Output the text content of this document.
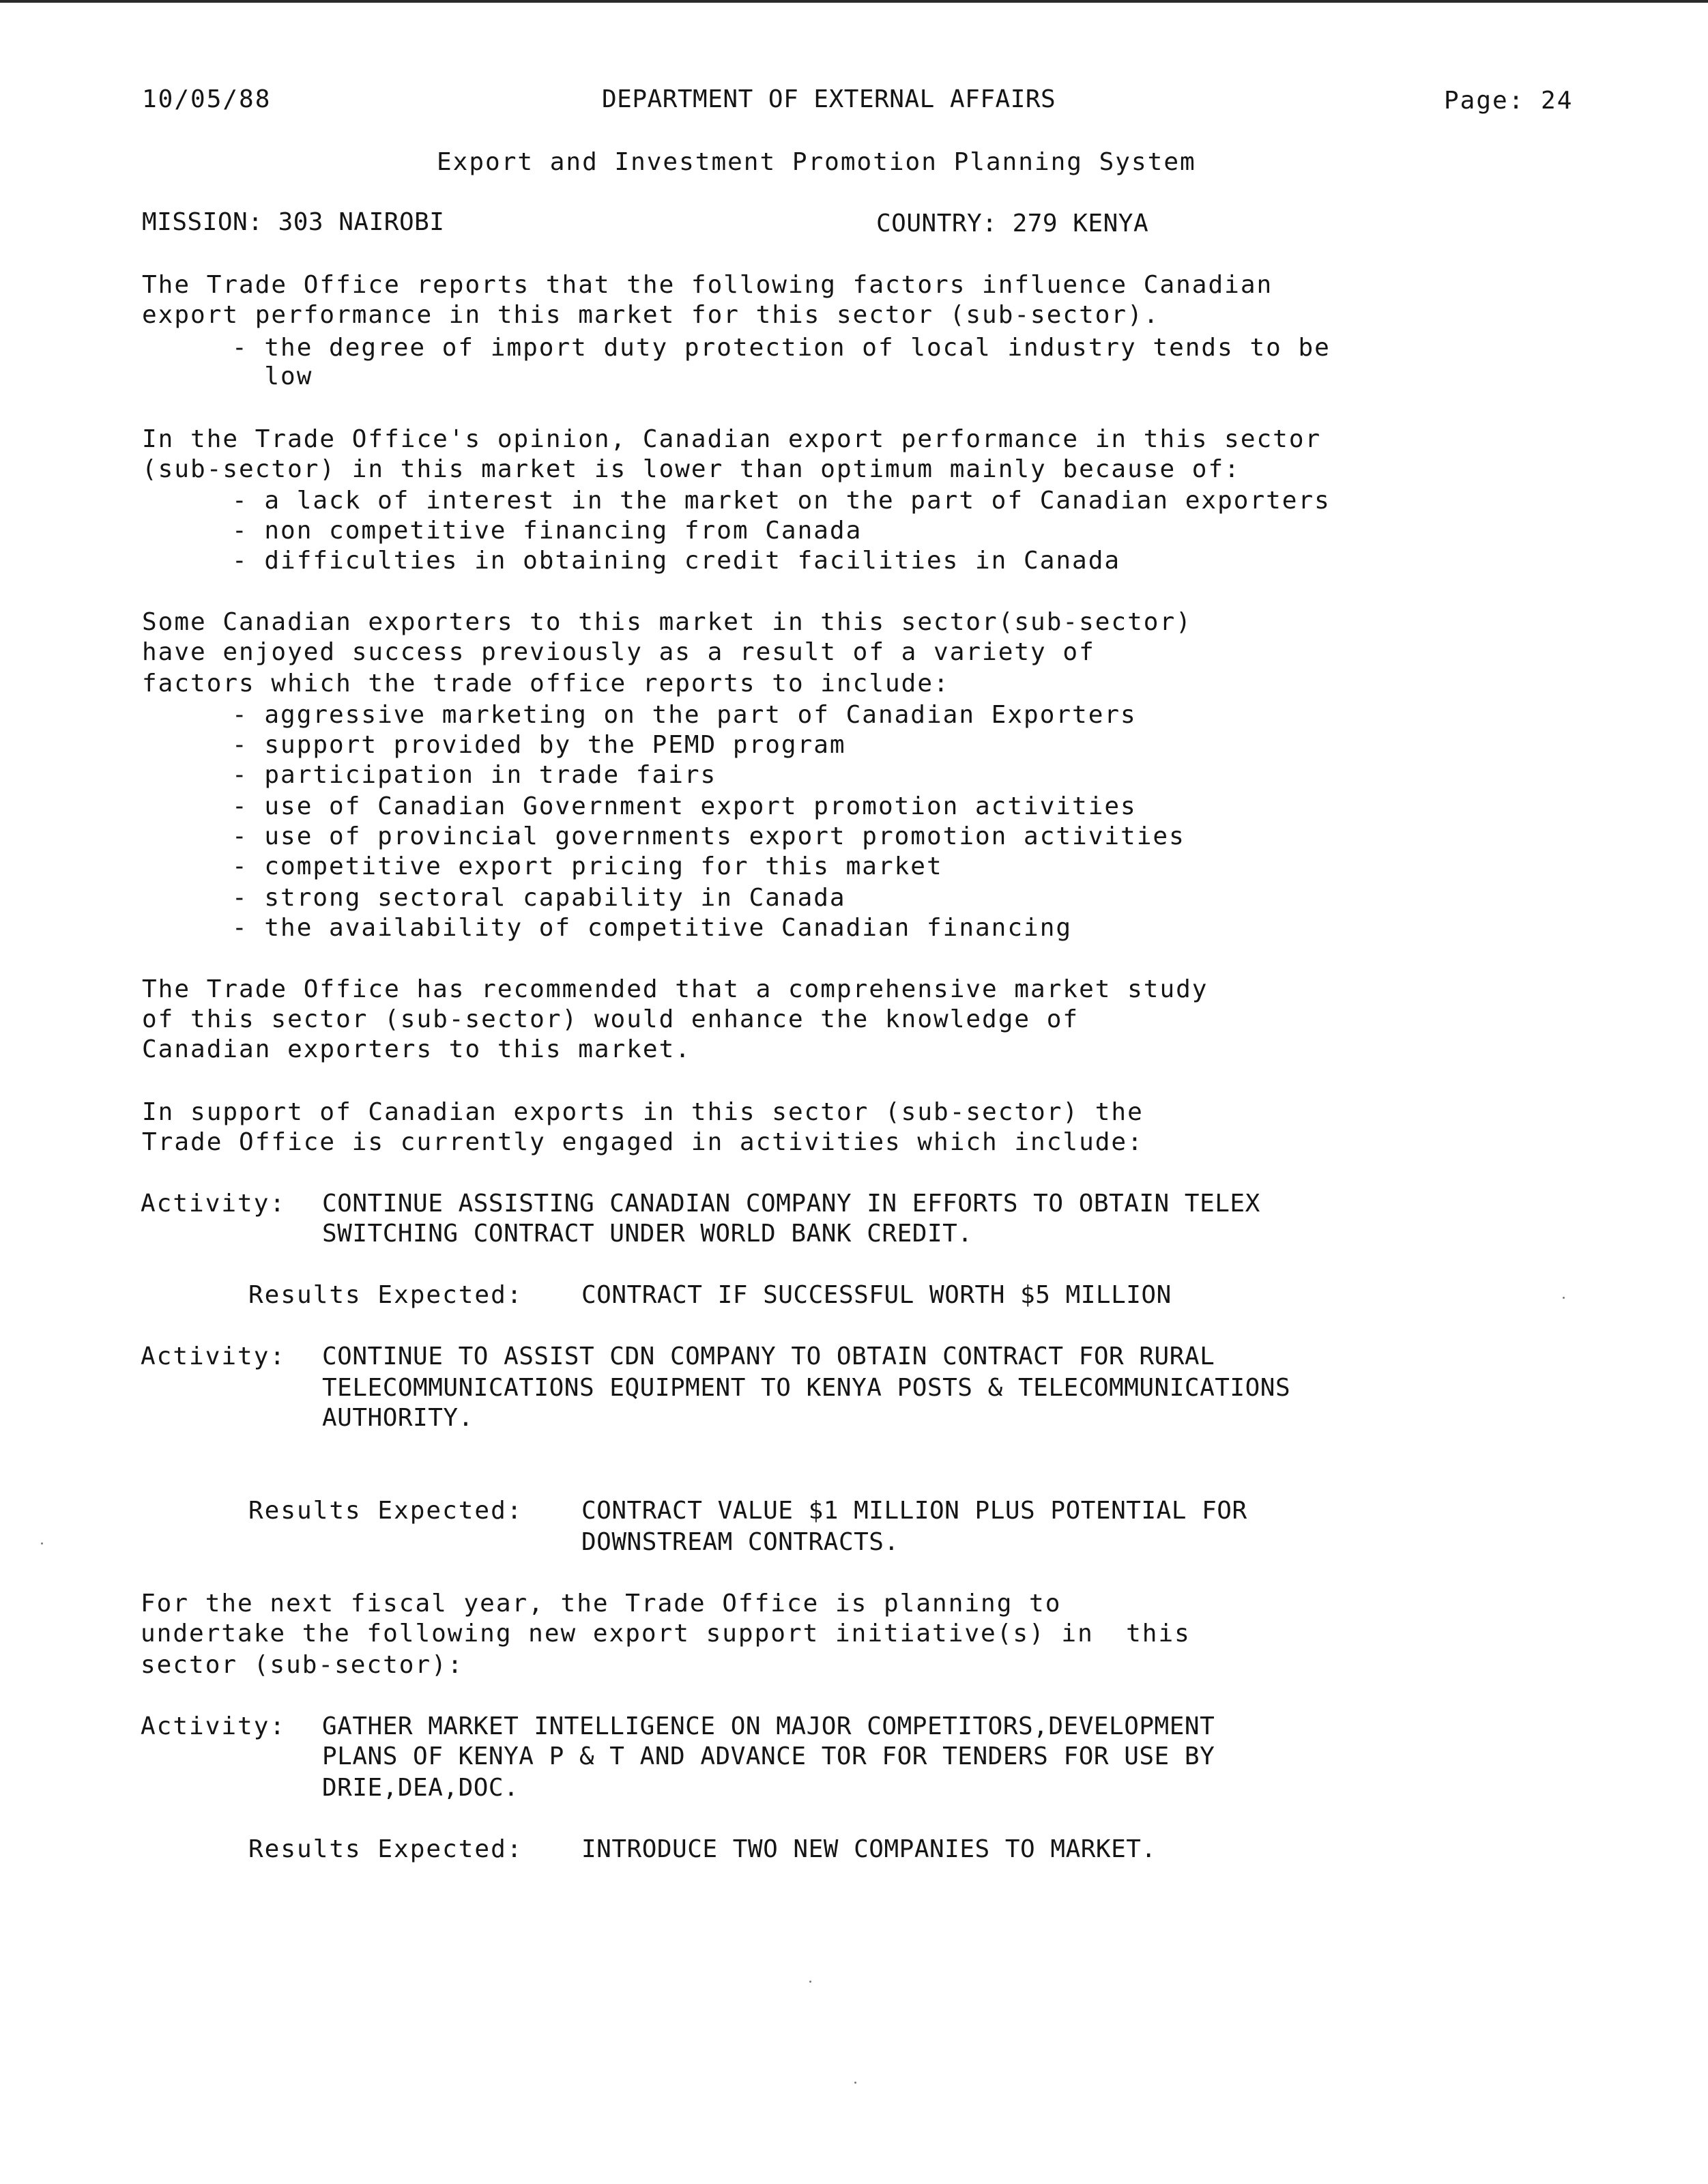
10/05/88	DEPARTMENT OF EXTERNAL AFFAIRS	Page: 24

Export and Investment Promotion Planning System

MISSION: 303 NAIROBI	COUNTRY: 279 KENYA

The Trade Office reports that the following factors influence Canadian

export performance in this market for this sector (sub-sector).

- the degree of import duty protection of local industry tends to be

low

In the Trade Office's opinion, Canadian export performance in this sector

(sub-sector) in this market is lower than optimum mainly because of:

- a lack of interest in the market on the part of Canadian exporters

- non competitive financing from Canada

- difficulties in obtaining credit facilities in Canada

Some Canadian exporters to this market in this sector(sub-sector)

have enjoyed success previously as a result of a variety of

factors which the trade office reports to include:

- aggressive marketing on the part of Canadian Exporters

- support provided by the PEMD program

- participation in trade fairs

- use of Canadian Government export promotion activities

- use of provincial governments export promotion activities

- competitive export pricing for this market

- strong sectoral capability in Canada

- the availability of competitive Canadian financing

The Trade Office has recommended that a comprehensive market study

of this sector (sub-sector) would enhance the knowledge of

Canadian exporters to this market.

In support of Canadian exports in this sector (sub-sector) the

Trade Office is currently engaged in activities which include:

Activity: CONTINUE ASSISTING CANADIAN COMPANY IN EFFORTS TO OBTAIN TELEX

SWITCHING CONTRACT UNDER WORLD BANK CREDIT.

Results Expected: CONTRACT IF SUCCESSFUL WORTH $5 MILLION

Activity: CONTINUE TO ASSIST CDN COMPANY TO OBTAIN CONTRACT FOR RURAL

TELECOMMUNICATIONS EQUIPMENT TO KENYA POSTS & TELECOMMUNICATIONS

AUTHORITY.

Results Expected: CONTRACT VALUE $1 MILLION PLUS POTENTIAL FOR

DOWNSTREAM CONTRACTS.

For the next fiscal year, the Trade Office is planning to

undertake the following new export support initiative(s) in  this

sector (sub-sector):

Activity: GATHER MARKET INTELLIGENCE ON MAJOR COMPETITORS,DEVELOPMENT

PLANS OF KENYA P & T AND ADVANCE TOR FOR TENDERS FOR USE BY

DRIE,DEA,DOC.

Results Expected: INTRODUCE TWO NEW COMPANIES TO MARKET.
